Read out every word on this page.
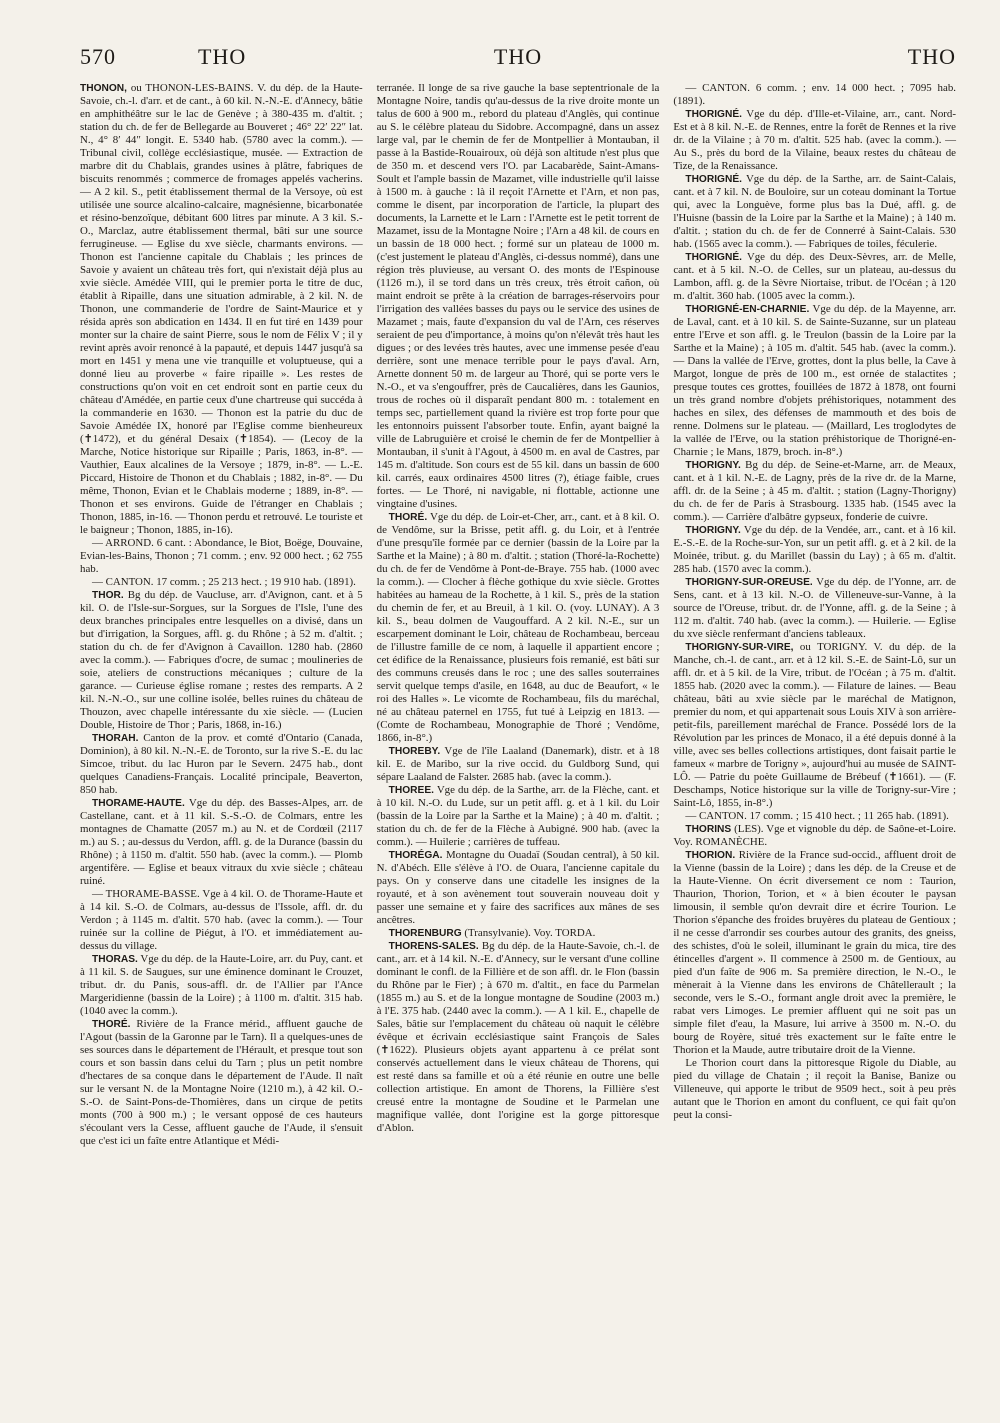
570	THO	THO	THO

THONON, ou THONON-LES-BAINS. V. du dép. de la Haute-Savoie, ch.-l. d'arr. et de cant., à 60 kil. N.-N.-E. d'Annecy, bâtie en amphithéâtre sur le lac de Genève ; à 380-435 m. d'altit. ; station du ch. de fer de Bellegarde au Bouveret ; 46° 22′ 22″ lat. N., 4° 8′ 44″ longit. E. 5340 hab. (5780 avec la comm.). — Tribunal civil, collège ecclésiastique, musée. — Extraction de marbre dit du Chablais, grandes usines à plâtre, fabriques de biscuits renommés ; commerce de fromages appelés vacherins. — A 2 kil. S., petit établissement thermal de la Versoye, où est utilisée une source alcalino-calcaire, magnésienne, bicarbonatée et résino-benzoïque, débitant 600 litres par minute. A 3 kil. S.-O., Marclaz, autre établissement thermal, bâti sur une source ferrugineuse. — Eglise du xve siècle, charmants environs. — Thonon est l'ancienne capitale du Chablais ; les princes de Savoie y avaient un château très fort, qui n'existait déjà plus au xvie siècle. Amédée VIII, qui le premier porta le titre de duc, établit à Ripaille, dans une situation admirable, à 2 kil. N. de Thonon, une commanderie de l'ordre de Saint-Maurice et y résida après son abdication en 1434. Il en fut tiré en 1439 pour monter sur la chaire de saint Pierre, sous le nom de Félix V ; il y revint après avoir renoncé à la papauté, et depuis 1447 jusqu'à sa mort en 1451 y mena une vie tranquille et voluptueuse, qui a donné lieu au proverbe « faire ripaille ». Les restes de constructions qu'on voit en cet endroit sont en partie ceux du château d'Amédée, en partie ceux d'une chartreuse qui succéda à la commanderie en 1630. — Thonon est la patrie du duc de Savoie Amédée IX, honoré par l'Eglise comme bienheureux (✝1472), et du général Desaix (✝1854). — (Lecoy de la Marche, Notice historique sur Ripaille ; Paris, 1863, in-8°. — Vauthier, Eaux alcalines de la Versoye ; 1879, in-8°. — L.-E. Piccard, Histoire de Thonon et du Chablais ; 1882, in-8°. — Du même, Thonon, Evian et le Chablais moderne ; 1889, in-8°. — Thonon et ses environs. Guide de l'étranger en Chablais ; Thonon, 1885, in-16. — Thonon perdu et retrouvé. Le touriste et le baigneur ; Thonon, 1885, in-16).

— ARROND. 6 cant. : Abondance, le Biot, Boëge, Douvaine, Evian-les-Bains, Thonon ; 71 comm. ; env. 92 000 hect. ; 62 755 hab.

— CANTON. 17 comm. ; 25 213 hect. ; 19 910 hab. (1891).

THOR. Bg du dép. de Vaucluse, arr. d'Avignon, cant. et à 5 kil. O. de l'Isle-sur-Sorgues, sur la Sorgues de l'Isle, l'une des deux branches principales entre lesquelles on a divisé, dans un but d'irrigation, la Sorgues, affl. g. du Rhône ; à 52 m. d'altit. ; station du ch. de fer d'Avignon à Cavaillon. 1280 hab. (2860 avec la comm.). — Fabriques d'ocre, de sumac ; moulineries de soie, ateliers de constructions mécaniques ; culture de la garance. — Curieuse église romane ; restes des remparts. A 2 kil. N.-N.-O., sur une colline isolée, belles ruines du château de Thouzon, avec chapelle intéressante du xie siècle. — (Lucien Double, Histoire de Thor ; Paris, 1868, in-16.)

THORAH. Canton de la prov. et comté d'Ontario (Canada, Dominion), à 80 kil. N.-N.-E. de Toronto, sur la rive S.-E. du lac Simcoe, tribut. du lac Huron par le Severn. 2475 hab., dont quelques Canadiens-Français. Localité principale, Beaverton, 850 hab.

THORAME-HAUTE. Vge du dép. des Basses-Alpes, arr. de Castellane, cant. et à 11 kil. S.-S.-O. de Colmars, entre les montagnes de Chamatte (2057 m.) au N. et de Cordœil (2117 m.) au S. ; au-dessus du Verdon, affl. g. de la Durance (bassin du Rhône) ; à 1150 m. d'altit. 550 hab. (avec la comm.). — Plomb argentifère. — Eglise et beaux vitraux du xvie siècle ; château ruiné.

— THORAME-BASSE. Vge à 4 kil. O. de Thorame-Haute et à 14 kil. S.-O. de Colmars, au-dessus de l'Issole, affl. dr. du Verdon ; à 1145 m. d'altit. 570 hab. (avec la comm.). — Tour ruinée sur la colline de Piégut, à l'O. et immédiatement au-dessus du village.

THORAS. Vge du dép. de la Haute-Loire, arr. du Puy, cant. et à 11 kil. S. de Saugues, sur une éminence dominant le Crouzet, tribut. dr. du Panis, sous-affl. dr. de l'Allier par l'Ance Margeridienne (bassin de la Loire) ; à 1100 m. d'altit. 315 hab. (1040 avec la comm.).

THORÉ. Rivière de la France mérid., affluent gauche de l'Agout (bassin de la Garonne par le Tarn). Il a quelques-unes de ses sources dans le département de l'Hérault, et presque tout son cours et son bassin dans celui du Tarn ; plus un petit nombre d'hectares de sa conque dans le département de l'Aude. Il naît sur le versant N. de la Montagne Noire (1210 m.), à 42 kil. O.-S.-O. de Saint-Pons-de-Thomières, dans un cirque de petits monts (700 à 900 m.) ; le versant opposé de ces hauteurs s'écoulant vers la Cesse, affluent gauche de l'Aude, il s'ensuit que c'est ici un faîte entre Atlantique et Médi-

terranée. Il longe de sa rive gauche la base septentrionale de la Montagne Noire, tandis qu'au-dessus de la rive droite monte un talus de 600 à 900 m., rebord du plateau d'Anglès, qui continue au S. le célèbre plateau du Sidobre. Accompagné, dans un assez large val, par le chemin de fer de Montpellier à Montauban, il passe à la Bastide-Rouairoux, où déjà son altitude n'est plus que de 350 m. et descend vers l'O. par Lacabarède, Saint-Amans-Soult et l'ample bassin de Mazamet, ville industrielle qu'il laisse à 1500 m. à gauche : là il reçoit l'Arnette et l'Arn, et non pas, comme le disent, par incorporation de l'article, la plupart des documents, la Larnette et le Larn : l'Arnette est le petit torrent de Mazamet, issu de la Montagne Noire ; l'Arn a 48 kil. de cours en un bassin de 18 000 hect. ; formé sur un plateau de 1000 m. (c'est justement le plateau d'Anglès, ci-dessus nommé), dans une région très pluvieuse, au versant O. des monts de l'Espinouse (1126 m.), il se tord dans un très creux, très étroit cañon, où maint endroit se prête à la création de barrages-réservoirs pour l'irrigation des vallées basses du pays ou le service des usines de Mazamet ; mais, faute d'expansion du val de l'Arn, ces réserves seraient de peu d'importance, à moins qu'on n'élevât très haut les digues ; or des levées très hautes, avec une immense pesée d'eau derrière, sont une menace terrible pour le pays d'aval. Arn, Arnette donnent 50 m. de largeur au Thoré, qui se porte vers le N.-O., et va s'engouffrer, près de Caucalières, dans les Gaunios, trous de roches où il disparaît pendant 800 m. : totalement en temps sec, partiellement quand la rivière est trop forte pour que les entonnoirs puissent l'absorber toute. Enfin, ayant baigné la ville de Labruguière et croisé le chemin de fer de Montpellier à Montauban, il s'unit à l'Agout, à 4500 m. en aval de Castres, par 145 m. d'altitude. Son cours est de 55 kil. dans un bassin de 600 kil. carrés, eaux ordinaires 4500 litres (?), étiage faible, crues fortes. — Le Thoré, ni navigable, ni flottable, actionne une vingtaine d'usines.

THORÉ. Vge du dép. de Loir-et-Cher, arr., cant. et à 8 kil. O. de Vendôme, sur la Brisse, petit affl. g. du Loir, et à l'entrée d'une presqu'île formée par ce dernier (bassin de la Loire par la Sarthe et la Maine) ; à 80 m. d'altit. ; station (Thoré-la-Rochette) du ch. de fer de Vendôme à Pont-de-Braye. 755 hab. (1000 avec la comm.). — Clocher à flèche gothique du xvie siècle. Grottes habitées au hameau de la Rochette, à 1 kil. S., près de la station du chemin de fer, et au Breuil, à 1 kil. O. (voy. LUNAY). A 3 kil. S., beau dolmen de Vaugouffard. A 2 kil. N.-E., sur un escarpement dominant le Loir, château de Rochambeau, berceau de l'illustre famille de ce nom, à laquelle il appartient encore ; cet édifice de la Renaissance, plusieurs fois remanié, est bâti sur des communs creusés dans le roc ; une des salles souterraines servit quelque temps d'asile, en 1648, au duc de Beaufort, « le roi des Halles ». Le vicomte de Rochambeau, fils du maréchal, né au château paternel en 1755, fut tué à Leipzig en 1813. — (Comte de Rochambeau, Monographie de Thoré ; Vendôme, 1866, in-8°.)

THOREBY. Vge de l'île Laaland (Danemark), distr. et à 18 kil. E. de Maribo, sur la rive occid. du Guldborg Sund, qui sépare Laaland de Falster. 2685 hab. (avec la comm.).

THOREE. Vge du dép. de la Sarthe, arr. de la Flèche, cant. et à 10 kil. N.-O. du Lude, sur un petit affl. g. et à 1 kil. du Loir (bassin de la Loire par la Sarthe et la Maine) ; à 40 m. d'altit. ; station du ch. de fer de la Flèche à Aubigné. 900 hab. (avec la comm.). — Huilerie ; carrières de tuffeau.

THORÉGA. Montagne du Ouadaï (Soudan central), à 50 kil. N. d'Abéch. Elle s'élève à l'O. de Ouara, l'ancienne capitale du pays. On y conserve dans une citadelle les insignes de la royauté, et à son avènement tout souverain nouveau doit y passer une semaine et y faire des sacrifices aux mânes de ses ancêtres.

THORENBURG (Transylvanie). Voy. TORDA.

THORENS-SALES. Bg du dép. de la Haute-Savoie, ch.-l. de cant., arr. et à 14 kil. N.-E. d'Annecy, sur le versant d'une colline dominant le confl. de la Fillière et de son affl. dr. le Flon (bassin du Rhône par le Fier) ; à 670 m. d'altit., en face du Parmelan (1855 m.) au S. et de la longue montagne de Soudine (2003 m.) à l'E. 375 hab. (2440 avec la comm.). — A 1 kil. E., chapelle de Sales, bâtie sur l'emplacement du château où naquit le célèbre évêque et écrivain ecclésiastique saint François de Sales (✝1622). Plusieurs objets ayant appartenu à ce prélat sont conservés actuellement dans le vieux château de Thorens, qui est resté dans sa famille et où a été réunie en outre une belle collection artistique. En amont de Thorens, la Fillière s'est creusé entre la montagne de Soudine et le Parmelan une magnifique vallée, dont l'origine est la gorge pittoresque d'Ablon.

— CANTON. 6 comm. ; env. 14 000 hect. ; 7095 hab. (1891).

THORIGNÉ. Vge du dép. d'Ille-et-Vilaine, arr., cant. Nord-Est et à 8 kil. N.-E. de Rennes, entre la forêt de Rennes et la rive dr. de la Vilaine ; à 70 m. d'altit. 525 hab. (avec la comm.). — Au S., près du bord de la Vilaine, beaux restes du château de Tize, de la Renaissance.

THORIGNÉ. Vge du dép. de la Sarthe, arr. de Saint-Calais, cant. et à 7 kil. N. de Bouloire, sur un coteau dominant la Tortue qui, avec la Longuève, forme plus bas la Dué, affl. g. de l'Huisne (bassin de la Loire par la Sarthe et la Maine) ; à 140 m. d'altit. ; station du ch. de fer de Connerré à Saint-Calais. 530 hab. (1565 avec la comm.). — Fabriques de toiles, féculerie.

THORIGNÉ. Vge du dép. des Deux-Sèvres, arr. de Melle, cant. et à 5 kil. N.-O. de Celles, sur un plateau, au-dessus du Lambon, affl. g. de la Sèvre Niortaise, tribut. de l'Océan ; à 120 m. d'altit. 360 hab. (1005 avec la comm.).

THORIGNÉ-EN-CHARNIE. Vge du dép. de la Mayenne, arr. de Laval, cant. et à 10 kil. S. de Sainte-Suzanne, sur un plateau entre l'Erve et son affl. g. le Treulon (bassin de la Loire par la Sarthe et la Maine) ; à 105 m. d'altit. 545 hab. (avec la comm.). — Dans la vallée de l'Erve, grottes, dont la plus belle, la Cave à Margot, longue de près de 100 m., est ornée de stalactites ; presque toutes ces grottes, fouillées de 1872 à 1878, ont fourni un très grand nombre d'objets préhistoriques, notamment des haches en silex, des défenses de mammouth et des bois de renne. Dolmens sur le plateau. — (Maillard, Les troglodytes de la vallée de l'Erve, ou la station préhistorique de Thorigné-en-Charnie ; le Mans, 1879, broch. in-8°.)

THORIGNY. Bg du dép. de Seine-et-Marne, arr. de Meaux, cant. et à 1 kil. N.-E. de Lagny, près de la rive dr. de la Marne, affl. dr. de la Seine ; à 45 m. d'altit. ; station (Lagny-Thorigny) du ch. de fer de Paris à Strasbourg. 1335 hab. (1545 avec la comm.). — Carrière d'albâtre gypseux, fonderie de cuivre.

THORIGNY. Vge du dép. de la Vendée, arr., cant. et à 16 kil. E.-S.-E. de la Roche-sur-Yon, sur un petit affl. g. et à 2 kil. de la Moinée, tribut. g. du Marillet (bassin du Lay) ; à 65 m. d'altit. 285 hab. (1570 avec la comm.).

THORIGNY-SUR-OREUSE. Vge du dép. de l'Yonne, arr. de Sens, cant. et à 13 kil. N.-O. de Villeneuve-sur-Vanne, à la source de l'Oreuse, tribut. dr. de l'Yonne, affl. g. de la Seine ; à 112 m. d'altit. 740 hab. (avec la comm.). — Huilerie. — Eglise du xve siècle renfermant d'anciens tableaux.

THORIGNY-SUR-VIRE, ou TORIGNY. V. du dép. de la Manche, ch.-l. de cant., arr. et à 12 kil. S.-E. de Saint-Lô, sur un affl. dr. et à 5 kil. de la Vire, tribut. de l'Océan ; à 75 m. d'altit. 1855 hab. (2020 avec la comm.). — Filature de laines. — Beau château, bâti au xvie siècle par le maréchal de Matignon, premier du nom, et qui appartenait sous Louis XIV à son arrière-petit-fils, pareillement maréchal de France. Possédé lors de la Révolution par les princes de Monaco, il a été depuis donné à la ville, avec ses belles collections artistiques, dont faisait partie le fameux « marbre de Torigny », aujourd'hui au musée de SAINT-LÔ. — Patrie du poète Guillaume de Brébeuf (✝1661). — (F. Deschamps, Notice historique sur la ville de Torigny-sur-Vire ; Saint-Lô, 1855, in-8°.)

— CANTON. 17 comm. ; 15 410 hect. ; 11 265 hab. (1891).

THORINS (LES). Vge et vignoble du dép. de Saône-et-Loire. Voy. ROMANÈCHE.

THORION. Rivière de la France sud-occid., affluent droit de la Vienne (bassin de la Loire) ; dans les dép. de la Creuse et de la Haute-Vienne. On écrit diversement ce nom : Taurion, Thaurion, Thorion, Torion, et « à bien écouter le paysan limousin, il semble qu'on devrait dire et écrire Tourion. Le Thorion s'épanche des froides bruyères du plateau de Gentioux ; il ne cesse d'arrondir ses courbes autour des granits, des gneiss, des schistes, d'où le soleil, illuminant le grain du mica, tire des étincelles d'argent ». Il commence à 2500 m. de Gentioux, au pied d'un faîte de 906 m. Sa première direction, le N.-O., le mènerait à la Vienne dans les environs de Châtellerault ; la seconde, vers le S.-O., formant angle droit avec la première, le rabat vers Limoges. Le premier affluent qui ne soit pas un simple filet d'eau, la Masure, lui arrive à 3500 m. N.-O. du bourg de Royère, situé très exactement sur le faîte entre le Thorion et la Maude, autre tributaire droit de la Vienne.

Le Thorion court dans la pittoresque Rigole du Diable, au pied du village de Chatain ; il reçoit la Banise, Banize ou Villeneuve, qui apporte le tribut de 9509 hect., soit à peu près autant que le Thorion en amont du confluent, ce qui fait qu'on peut la consi-
